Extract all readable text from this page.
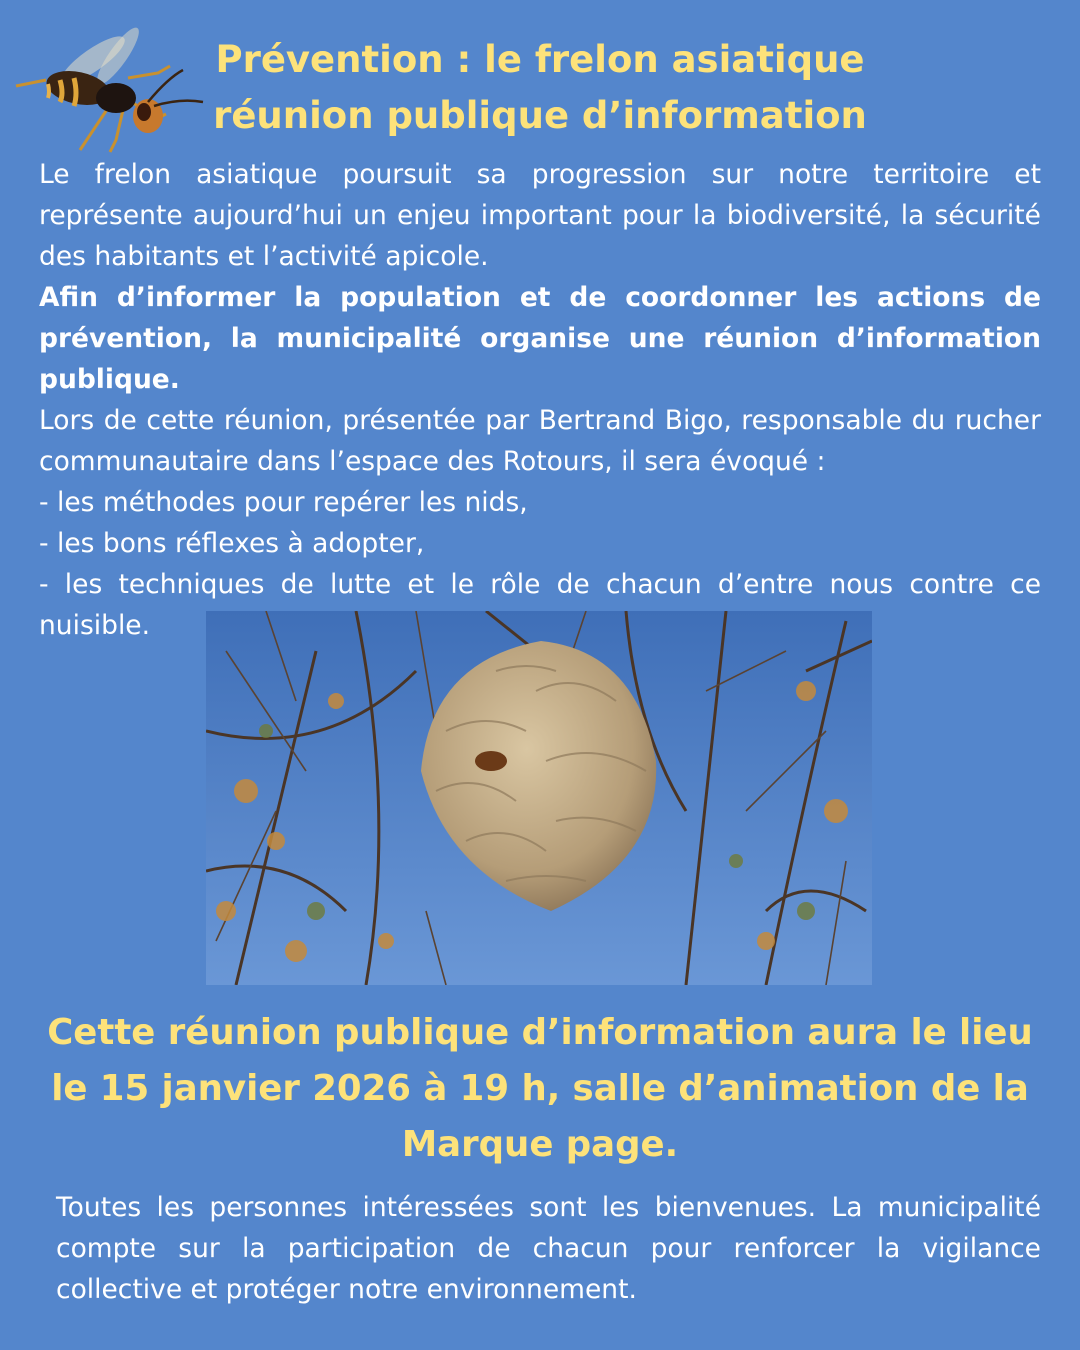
Prévention : le frelon asiatique
réunion publique d’information

Le frelon asiatique poursuit sa progression sur notre territoire et représente aujourd’hui un enjeu important pour la biodiversité, la sécurité des habitants et l’activité apicole.

Afin d’informer la population et de coordonner les actions de prévention, la municipalité organise une réunion d’information publique.

Lors de cette réunion, présentée par Bertrand Bigo, responsable du rucher communautaire dans l’espace des Rotours, il sera évoqué :

- les méthodes pour repérer les nids,
- les bons réflexes à adopter,
- les techniques de lutte et le rôle de chacun d’entre nous contre ce nuisible.

Cette réunion publique d’information aura le lieu le 15 janvier 2026 à 19 h, salle d’animation de la Marque page.

Toutes les personnes intéressées sont les bienvenues. La municipalité compte sur la participation de chacun pour renforcer la vigilance collective et protéger notre environnement.
